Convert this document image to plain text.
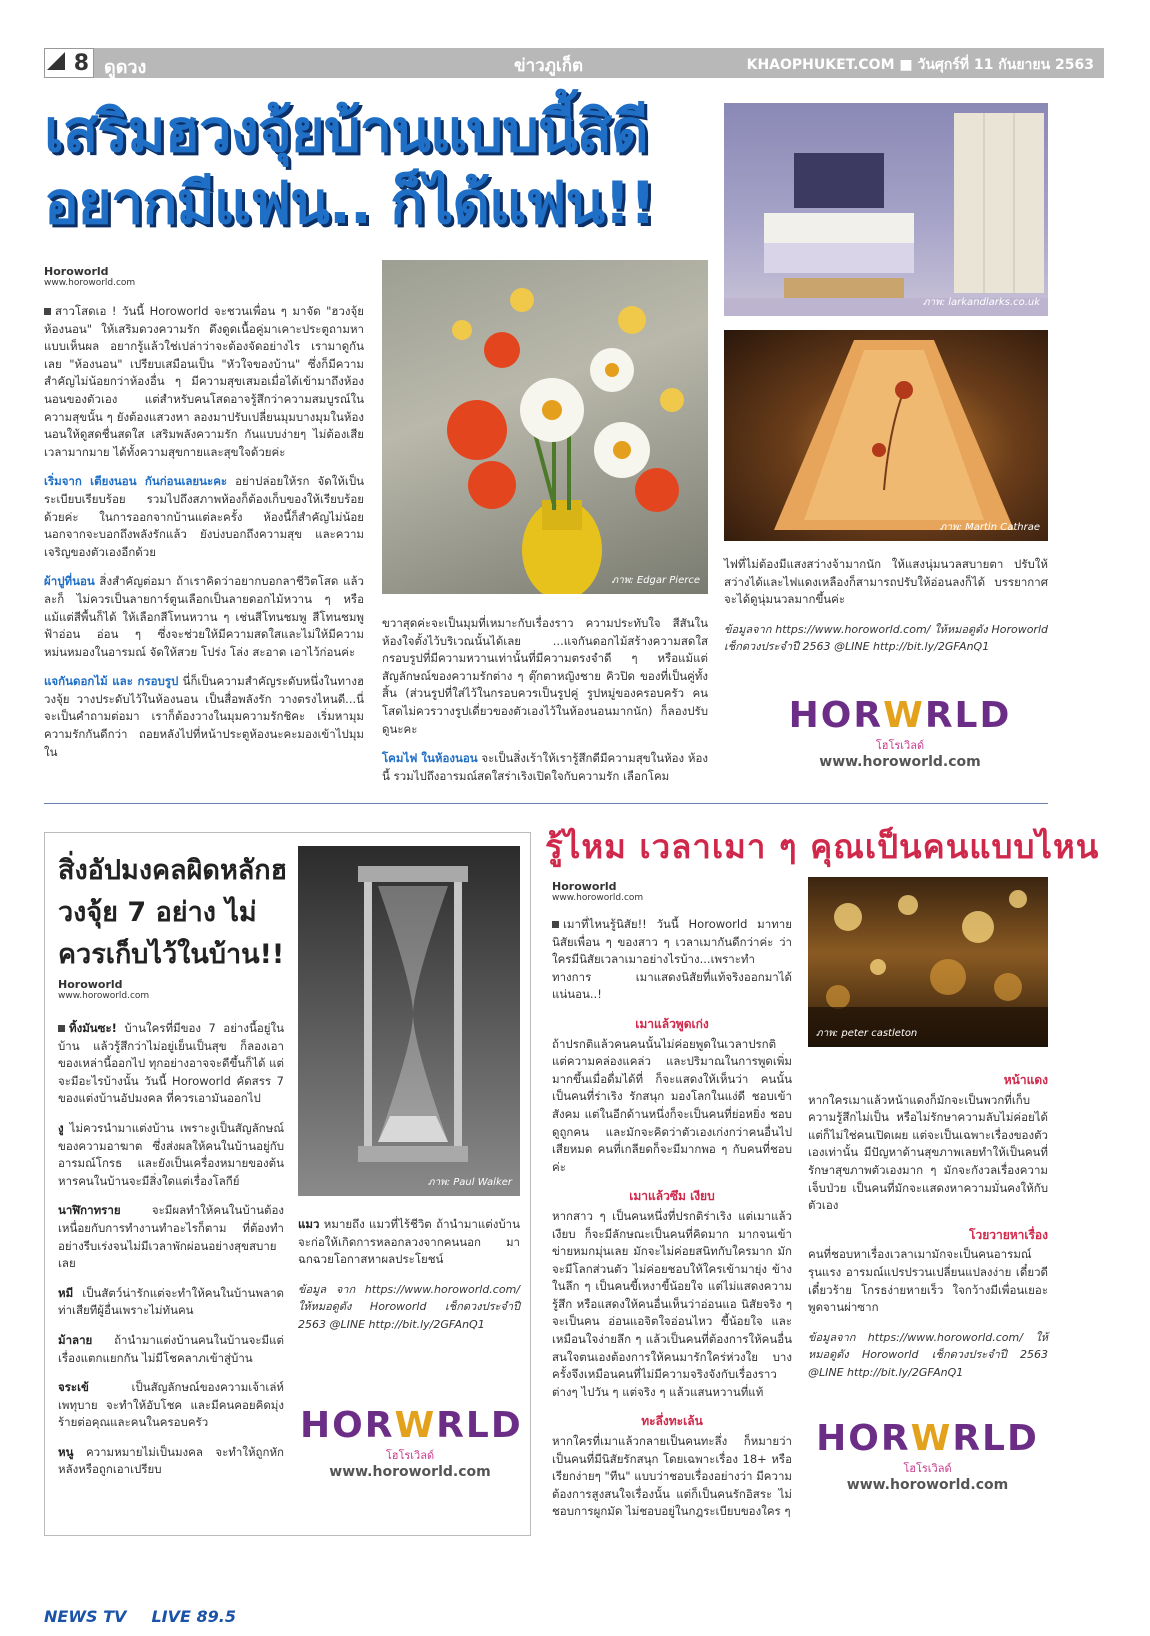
8 ดูดวง	ข่าวภูเก็ต	KHAOPHUKET.COM ■ วันศุกร์ที่ 11 กันยายน 2563
เสริมฮวงจุ้ยบ้านแบบนี้สิดี
อยากมีแฟน.. ก็ได้แฟน!!
Horoworld
www.horoworld.com

สาวโสดเอ ! วันนี้ Horoworld จะชวนเพื่อน ๆ มาจัด "ฮวงจุ้ยห้องนอน" ให้เสริมดวงความรัก ดึงดูดเนื้อคู่มาเคาะประตูถามหาแบบเห็นผล อยากรู้แล้วใช่เปล่าว่าจะต้องจัดอย่างไร เรามาดูกันเลย "ห้องนอน" เปรียบเสมือนเป็น "หัวใจของบ้าน" ซึ่งก็มีความสำคัญไม่น้อยกว่าห้องอื่น ๆ มีความสุขเสมอเมื่อได้เข้ามาถึงห้องนอนของตัวเอง แต่สำหรับคนโสดอาจรู้สึกว่าความสมบูรณ์ในความสุขนั้น ๆ ยังต้องแสวงหา ลองมาปรับเปลี่ยนมุมบางมุมในห้องนอนให้ดูสดชื่นสดใส เสริมพลังความรัก กันแบบง่ายๆ ไม่ต้องเสียเวลามากมาย ได้ทั้งความสุขกายและสุขใจด้วยค่ะ

เริ่มจาก เตียงนอน กันก่อนเลยนะคะ อย่าปล่อยให้รก จัดให้เป็นระเบียบเรียบร้อย รวมไปถึงสภาพห้องก็ต้องเก็บของให้เรียบร้อยด้วยค่ะ ในการออกจากบ้านแต่ละครั้ง ห้องนี้ก็สำคัญไม่น้อยนอกจากจะบอกถึงพลังรักแล้ว ยังบ่งบอกถึงความสุข และความเจริญของตัวเองอีกด้วย

ผ้าปูที่นอน สิ่งสำคัญต่อมา ถ้าเราคิดว่าอยากบอกลาชีวิตโสด แล้วละก็ ไม่ควรเป็นลายการ์ตูนเลือกเป็นลายดอกไม้หวาน ๆ หรือแม้แต่สีพื้นก็ได้ ให้เลือกสีโทนหวาน ๆ เช่นสีโทนชมพู สีโทนชมพู ฟ้าอ่อน อ่อน ๆ ซึ่งจะช่วยให้มีความสดใสและไม่ให้มีความหม่นหมองในอารมณ์ จัดให้สวย โปร่ง โล่ง สะอาด เอาไว้ก่อนค่ะ

แจกันดอกไม้ และ กรอบรูป นี่ก็เป็นความสำคัญระดับหนึ่งในทางฮวงจุ้ย วางประดับไว้ในห้องนอน เป็นสื่อพลังรัก วางตรงไหนดี...นี่จะเป็นคำถามต่อมา เราก็ต้องวางในมุมความรักชิคะ เริ่มหามุมความรักกันดีกว่า ถอยหลังไปที่หน้าประตูห้องนะคะมองเข้าไปมุมใน

ภาพ: Edgar Pierce
ภาพ: larkandlarks.co.uk
ภาพ: Martin Cathrae

ขวาสุดค่ะจะเป็นมุมที่เหมาะกับเรื่องราว ความประทับใจ สีสันในห้องใจตั้งไว้บริเวณนั้นได้เลย ...แจกันดอกไม้สร้างความสดใส กรอบรูปที่มีความหวานเท่านั้นที่มีความตรงจำดี ๆ หรือแม้แต่สัญลักษณ์ของความรักต่าง ๆ ตุ๊กตาหญิงชาย คิวปิด ของที่เป็นคู่ทั้งสิ้น (ส่วนรูปที่ใส่ไว้ในกรอบควรเป็นรูปคู่ รูปหมู่ของครอบครัว คนโสดไม่ควรวางรูปเดี่ยวของตัวเองไว้ในห้องนอนมากนัก) ก็ลองปรับดูนะคะ

โคมไฟ ในห้องนอน จะเป็นสิ่งเร้าให้เรารู้สึกดีมีความสุขในห้อง ห้องนี้ รวมไปถึงอารมณ์สดใสร่าเริงเปิดใจกับความรัก เลือกโคม

ไฟที่ไม่ต้องมีแสงสว่างจ้ามากนัก ให้แสงนุ่มนวลสบายตา ปรับให้สว่างได้และไฟแดงเหลืองก็สามารถปรับให้อ่อนลงก็ได้ บรรยากาศจะได้ดูนุ่มนวลมากขึ้นค่ะ

ข้อมูลจาก https://www.horoworld.com/ ให้หมอดูดัง Horoworld เช็กดวงประจำปี 2563 @LINE http://bit.ly/2GFAnQ1

HORWRLD
โฮโรเวิลด์
www.horoworld.com
สิ่งอัปมงคลผิดหลักฮวงจุ้ย 7 อย่าง ไม่ควรเก็บไว้ในบ้าน!!
Horoworld
www.horoworld.com

ทิ้งมันซะ! บ้านใครที่มีของ 7 อย่างนี้อยู่ในบ้าน แล้วรู้สึกว่าไม่อยู่เย็นเป็นสุข ก็ลองเอาของเหล่านี้ออกไป ทุกอย่างอาจจะดีขึ้นก็ได้ แต่จะมีอะไรบ้างนั้น วันนี้ Horoworld คัดสรร 7 ของแต่งบ้านอัปมงคล ที่ควรเอามันออกไป

งู ไม่ควรนำมาแต่งบ้าน เพราะงูเป็นสัญลักษณ์ของความอาฆาต ซึ่งส่งผลให้คนในบ้านอยู่กับอารมณ์โกรธ และยังเป็นเครื่องหมายของต้นหารคนในบ้านจะมีสิ่งใดแต่เรื่องโลกีย์

นาฬิกาทราย จะมีผลทำให้คนในบ้านต้องเหนื่อยกับการทำงานทำอะไรก็ตาม ที่ต้องทำอย่างรีบเร่งจนไม่มีเวลาพักผ่อนอย่างสุขสบายเลย

หมี เป็นสัตว์น่ารักแต่จะทำให้คนในบ้านพลาดท่าเสียทีผู้อื่นเพราะไม่ทันคน

ม้าลาย ถ้านำมาแต่งบ้านคนในบ้านจะมีแต่เรื่องแตกแยกกัน ไม่มีโชคลาภเข้าสู่บ้าน

จระเข้ เป็นสัญลักษณ์ของความเจ้าเล่ห์ เพทุบาย จะทำให้อับโชค และมีคนคอยคิดมุ่งร้ายต่อคุณและคนในครอบครัว

หนู ความหมายไม่เป็นมงคล จะทำให้ถูกหักหลังหรือถูกเอาเปรียบ

ภาพ: Paul Walker

แมว หมายถึง แมวที่ไร้ชีวิต ถ้านำมาแต่งบ้านจะก่อให้เกิดการหลอกลวงจากคนนอก มาฉกฉวยโอกาสหาผลประโยชน์

ข้อมูล จาก https://www.horoworld.com/ ให้หมอดูดัง Horoworld เช็กดวงประจำปี 2563 @LINE http://bit.ly/2GFAnQ1

HORWRLD
โฮโรเวิลด์
www.horoworld.com
รู้ไหม เวลาเมา ๆ คุณเป็นคนแบบไหน
Horoworld
www.horoworld.com

เมาที่ไหนรู้นิสัย!! วันนี้ Horoworld มาทายนิสัยเพื่อน ๆ ของสาว ๆ เวลาเมากันดีกว่าค่ะ ว่าใครมีนิสัยเวลาเมาอย่างไรบ้าง...เพราะทำทางการ เมาแสดงนิสัยที่แท้จริงออกมาได้ แน่นอน..!

เมาแล้วพูดเก่ง

ถ้าปรกติแล้วคนคนนั้นไม่ค่อยพูดในเวลาปรกติ แต่ความคล่องแคล่ว และปริมาณในการพูดเพิ่มมากขึ้นเมื่อดื่มได้ที่ ก็จะแสดงให้เห็นว่า คนนั้นเป็นคนที่ร่าเริง รักสนุก มองโลกในแง่ดี ชอบเข้าสังคม แต่ในอีกด้านหนึ่งก็จะเป็นคนที่ย่อหยิ่ง ชอบดูถูกคน และมักจะคิดว่าตัวเองเก่งกว่าคนอื่นไปเสียหมด คนที่เกลียดก็จะมีมากพอ ๆ กับคนที่ชอบค่ะ

เมาแล้วซึม เงียบ

หากสาว ๆ เป็นคนหนึ่งที่ปรกติร่าเริง แต่เมาแล้วเงียบ ก็จะมีลักษณะเป็นคนที่คิดมาก มากจนเข้าข่ายหมกมุ่นเลย มักจะไม่ค่อยสนิทกับใครมาก มักจะมีโลกส่วนตัว ไม่ค่อยชอบให้ใครเข้ามายุ่ง ข้างในลึก ๆ เป็นคนขี้เหงาขี้น้อยใจ แต่ไม่แสดงความรู้สึก หรือแสดงให้คนอื่นเห็นว่าอ่อนแอ นิสัยจริง ๆ จะเป็นคน อ่อนแอจิตใจอ่อนไหว ขี้น้อยใจ และเหมือนใจง่ายลึก ๆ แล้วเป็นคนที่ต้องการให้คนอื่นสนใจตนเองต้องการให้คนมารักใคร่ห่วงใย บางครั้งจึงเหมือนคนที่ไม่มีความจริงจังกับเรื่องราวต่างๆ ไปวัน ๆ แต่จริง ๆ แล้วแสนหวานที่แท้

ทะลึ่งทะเล้น

หากใครที่เมาแล้วกลายเป็นคนทะลึ่ง ก็หมายว่าเป็นคนที่มีนิสัยรักสนุก โดยเฉพาะเรื่อง 18+ หรือเรียกง่ายๆ "ทีน" แบบว่าชอบเรื่องอย่างว่า มีความต้องการสูงสนใจเรื่องนั้น แต่ก็เป็นคนรักอิสระ ไม่ชอบการผูกมัด ไม่ชอบอยู่ในกฎระเบียบของใคร ๆ

ภาพ: peter castleton
หน้าแดง

หากใครเมาแล้วหน้าแดงก็มักจะเป็นพวกที่เก็บความรู้สึกไม่เป็น หรือไม่รักษาความลับไม่ค่อยได้ แต่ก็ไม่ใช่คนเปิดเผย แต่จะเป็นเฉพาะเรื่องของตัวเองเท่านั้น มีปัญหาด้านสุขภาพเลยทำให้เป็นคนที่รักษาสุขภาพตัวเองมาก ๆ มักจะกังวลเรื่องความเจ็บป่วย เป็นคนที่มักจะแสดงหาความมั่นคงให้กับตัวเอง

โวยวายหาเรื่อง

คนที่ชอบหาเรื่องเวลาเมามักจะเป็นคนอารมณ์รุนแรง อารมณ์แปรปรวนเปลี่ยนแปลงง่าย เดี๋ยวดีเดี๋ยวร้าย โกรธง่ายหายเร็ว ใจกว้างมีเพื่อนเยอะ พูดจานผ่าซาก

ข้อมูลจาก https://www.horoworld.com/ ให้หมอดูดัง Horoworld เช็กดวงประจำปี 2563 @LINE http://bit.ly/2GFAnQ1

HORWRLD
โฮโรเวิลด์
www.horoworld.com
NEWS TV LIVE 89.5
